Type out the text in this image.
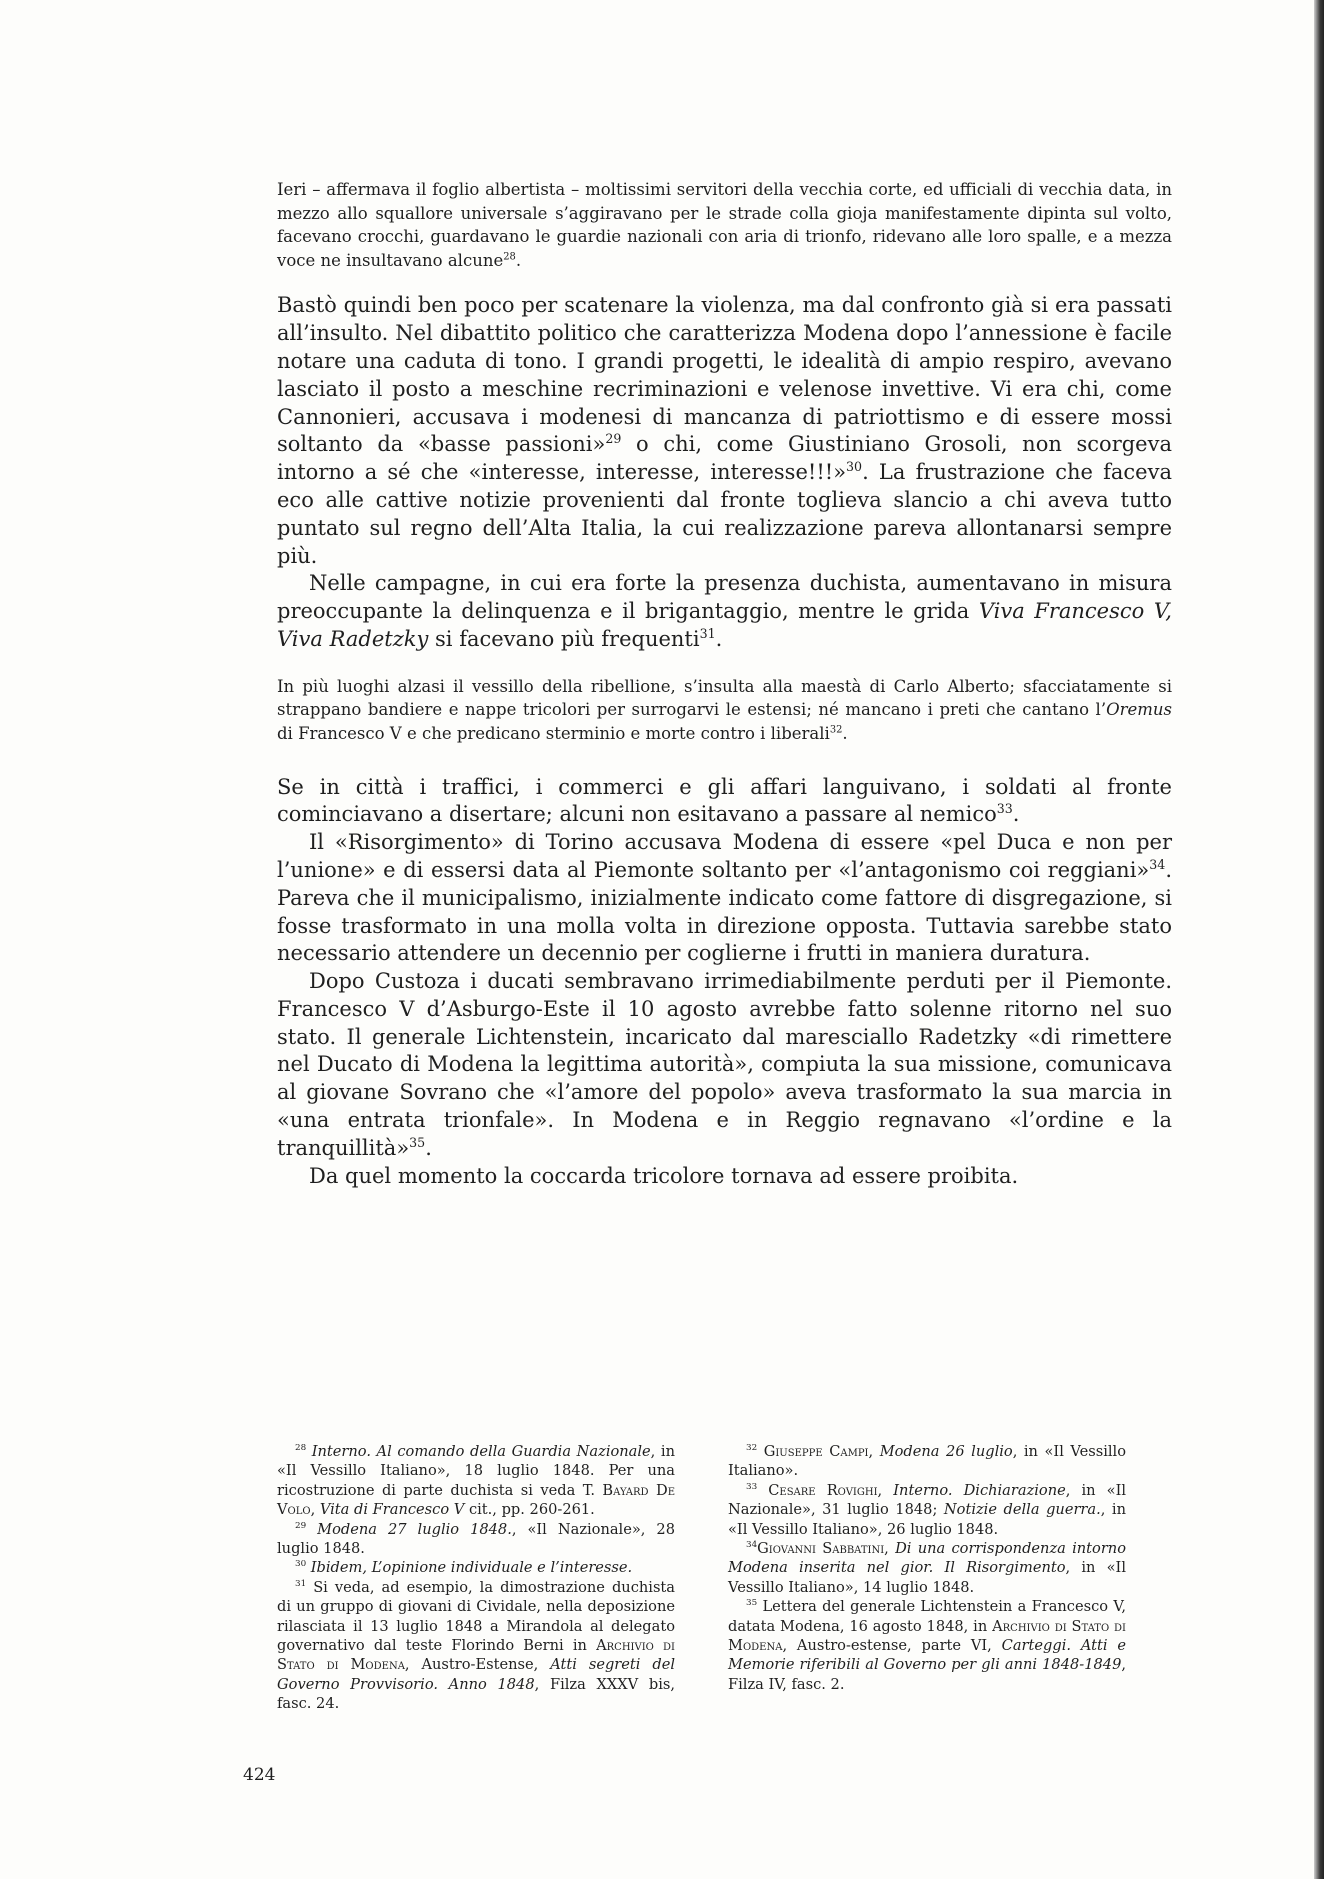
Ieri – affermava il foglio albertista – moltissimi servitori della vecchia corte, ed ufficiali di vecchia data, in mezzo allo squallore universale s’aggiravano per le strade colla gioja manifestamente dipinta sul volto, facevano crocchi, guardavano le guardie nazionali con aria di trionfo, ridevano alle loro spalle, e a mezza voce ne insultavano alcune$^{28}$.

Bastò quindi ben poco per scatenare la violenza, ma dal confronto già si era passati all’insulto. Nel dibattito politico che caratterizza Modena dopo l’annessione è facile notare una caduta di tono. I grandi progetti, le idealità di ampio respiro, avevano lasciato il posto a meschine recriminazioni e velenose invettive. Vi era chi, come Cannonieri, accusava i modenesi di mancanza di patriottismo e di essere mossi soltanto da «basse passioni»$^{29}$ o chi, come Giustiniano Grosoli, non scorgeva intorno a sé che «interesse, interesse, interesse!!!»$^{30}$. La frustrazione che faceva eco alle cattive notizie provenienti dal fronte toglieva slancio a chi aveva tutto puntato sul regno dell’Alta Italia, la cui realizzazione pareva allontanarsi sempre più.

Nelle campagne, in cui era forte la presenza duchista, aumentavano in misura preoccupante la delinquenza e il brigantaggio, mentre le grida Viva Francesco V, Viva Radetzky si facevano più frequenti$^{31}$.

In più luoghi alzasi il vessillo della ribellione, s’insulta alla maestà di Carlo Alberto; sfacciatamente si strappano bandiere e nappe tricolori per surrogarvi le estensi; né mancano i preti che cantano l’Oremus di Francesco V e che predicano sterminio e morte contro i liberali$^{32}$.

Se in città i traffici, i commerci e gli affari languivano, i soldati al fronte cominciavano a disertare; alcuni non esitavano a passare al nemico$^{33}$.

Il «Risorgimento» di Torino accusava Modena di essere «pel Duca e non per l’unione» e di essersi data al Piemonte soltanto per «l’antagonismo coi reggiani»$^{34}$. Pareva che il municipalismo, inizialmente indicato come fattore di disgregazione, si fosse trasformato in una molla volta in direzione opposta. Tuttavia sarebbe stato necessario attendere un decennio per coglierne i frutti in maniera duratura.

Dopo Custoza i ducati sembravano irrimediabilmente perduti per il Piemonte. Francesco V d’Asburgo-Este il 10 agosto avrebbe fatto solenne ritorno nel suo stato. Il generale Lichtenstein, incaricato dal maresciallo Radetzky «di rimettere nel Ducato di Modena la legittima autorità», compiuta la sua missione, comunicava al giovane Sovrano che «l’amore del popolo» aveva trasformato la sua marcia in «una entrata trionfale». In Modena e in Reggio regnavano «l’ordine e la tranquillità»$^{35}$.

Da quel momento la coccarda tricolore tornava ad essere proibita.

$^{28}$ Interno. Al comando della Guardia Nazionale, in «Il Vessillo Italiano», 18 luglio 1848. Per una ricostruzione di parte duchista si veda T. Bayard De Volo, Vita di Francesco V cit., pp. 260-261.

$^{29}$ Modena 27 luglio 1848., «Il Nazionale», 28 luglio 1848.

$^{30}$ Ibidem, L’opinione individuale e l’interesse.

$^{31}$ Si veda, ad esempio, la dimostrazione duchista di un gruppo di giovani di Cividale, nella deposizione rilasciata il 13 luglio 1848 a Mirandola al delegato governativo dal teste Florindo Berni in Archivio di Stato di Modena, Austro-Estense, Atti segreti del Governo Provvisorio. Anno 1848, Filza XXXV bis, fasc. 24.

$^{32}$ Giuseppe Campi, Modena 26 luglio, in «Il Vessillo Italiano».

$^{33}$ Cesare Rovighi, Interno. Dichiarazione, in «Il Nazionale», 31 luglio 1848; Notizie della guerra., in «Il Vessillo Italiano», 26 luglio 1848.

$^{34}$Giovanni Sabbatini, Di una corrispondenza intorno Modena inserita nel gior. Il Risorgimento, in «Il Vessillo Italiano», 14 luglio 1848.

$^{35}$ Lettera del generale Lichtenstein a Francesco V, datata Modena, 16 agosto 1848, in Archivio di Stato di Modena, Austro-estense, parte VI, Carteggi. Atti e Memorie riferibili al Governo per gli anni 1848-1849, Filza IV, fasc. 2.

424
